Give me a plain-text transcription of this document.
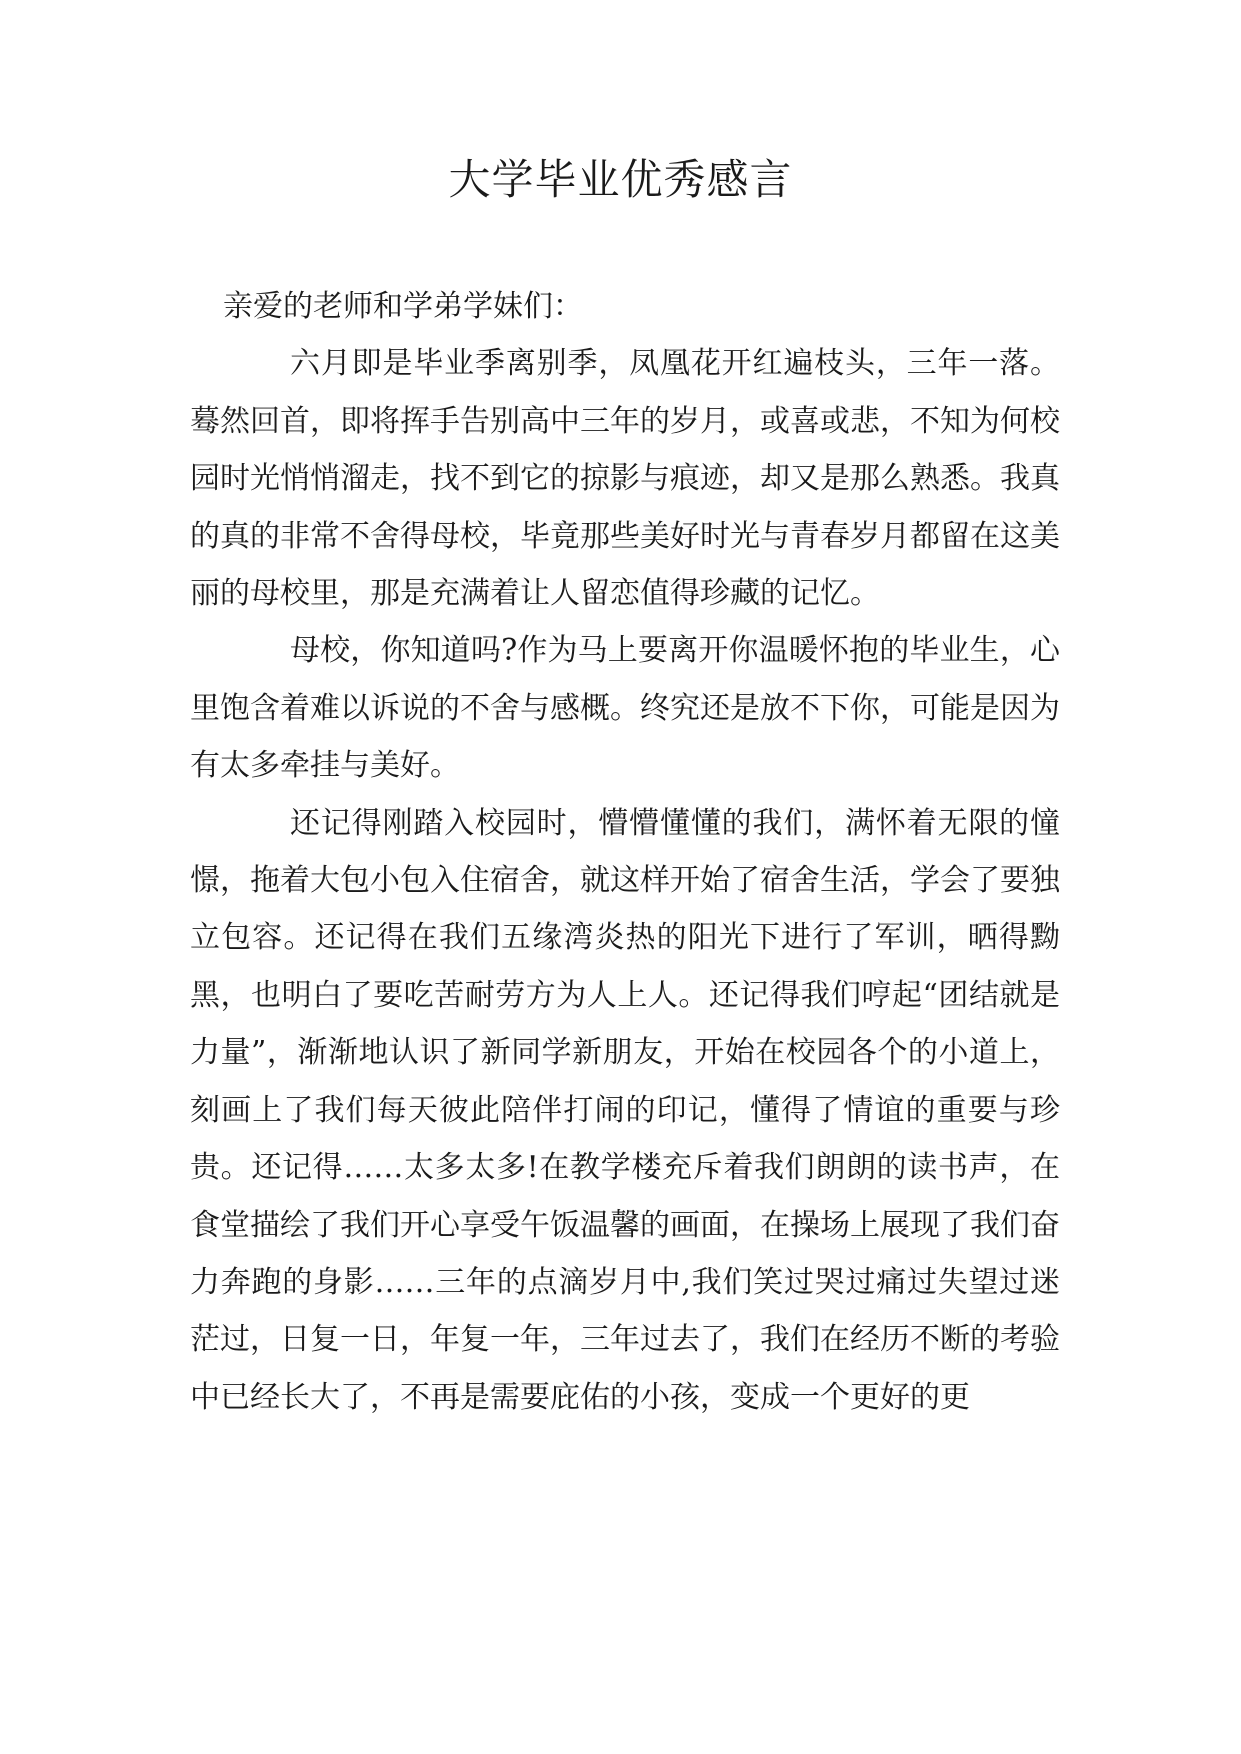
大学毕业优秀感言

亲爱的老师和学弟学妹们：

六月即是毕业季离别季，凤凰花开红遍枝头，三年一落。蓦然回首，即将挥手告别高中三年的岁月，或喜或悲，不知为何校园时光悄悄溜走，找不到它的掠影与痕迹，却又是那么熟悉。我真的真的非常不舍得母校，毕竟那些美好时光与青春岁月都留在这美丽的母校里，那是充满着让人留恋值得珍藏的记忆。

母校，你知道吗?作为马上要离开你温暖怀抱的毕业生，心里饱含着难以诉说的不舍与感概。终究还是放不下你，可能是因为有太多牵挂与美好。

还记得刚踏入校园时，懵懵懂懂的我们，满怀着无限的憧憬，拖着大包小包入住宿舍，就这样开始了宿舍生活，学会了要独立包容。还记得在我们五缘湾炎热的阳光下进行了军训，晒得黝黑，也明白了要吃苦耐劳方为人上人。还记得我们哼起“团结就是力量”，渐渐地认识了新同学新朋友，开始在校园各个的小道上，刻画上了我们每天彼此陪伴打闹的印记，懂得了情谊的重要与珍贵。还记得……太多太多!在教学楼充斥着我们朗朗的读书声，在食堂描绘了我们开心享受午饭温馨的画面，在操场上展现了我们奋力奔跑的身影……三年的点滴岁月中,我们笑过哭过痛过失望过迷茫过，日复一日，年复一年，三年过去了，我们在经历不断的考验中已经长大了，不再是需要庇佑的小孩，变成一个更好的更
